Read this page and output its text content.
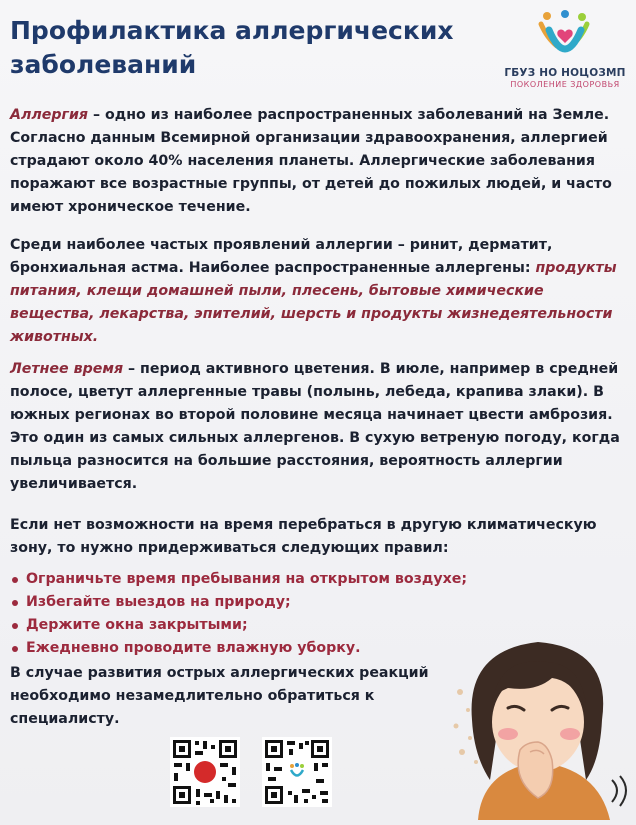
Профилактика аллергических заболеваний	ГБУЗ НО НОЦОЗМП
ПОКОЛЕНИЕ ЗДОРОВЬЯ

Аллергия – одно из наиболее распространенных заболеваний на Земле. Согласно данным Всемирной организации здравоохранения, аллергией страдают около 40% населения планеты. Аллергические заболевания поражают все возрастные группы, от детей до пожилых людей, и часто имеют хроническое течение.

Среди наиболее частых проявлений аллергии – ринит, дерматит, бронхиальная астма. Наиболее распространенные аллергены: продукты питания, клещи домашней пыли, плесень, бытовые химические вещества, лекарства, эпителий, шерсть и продукты жизнедеятельности животных.

Летнее время – период активного цветения. В июле, например в средней полосе, цветут аллергенные травы (полынь, лебеда, крапива злаки). В южных регионах во второй половине месяца начинает цвести амброзия. Это один из самых сильных аллергенов. В сухую ветреную погоду, когда пыльца разносится на большие расстояния, вероятность аллергии увеличивается.

Если нет возможности на время перебраться в другую климатическую зону, то нужно придерживаться следующих правил:

Ограничьте время пребывания на открытом воздухе;
Избегайте выездов на природу;
Держите окна закрытыми;
Ежедневно проводите влажную уборку.

В случае развития острых аллергических реакций необходимо незамедлительно обратиться к специалисту.
